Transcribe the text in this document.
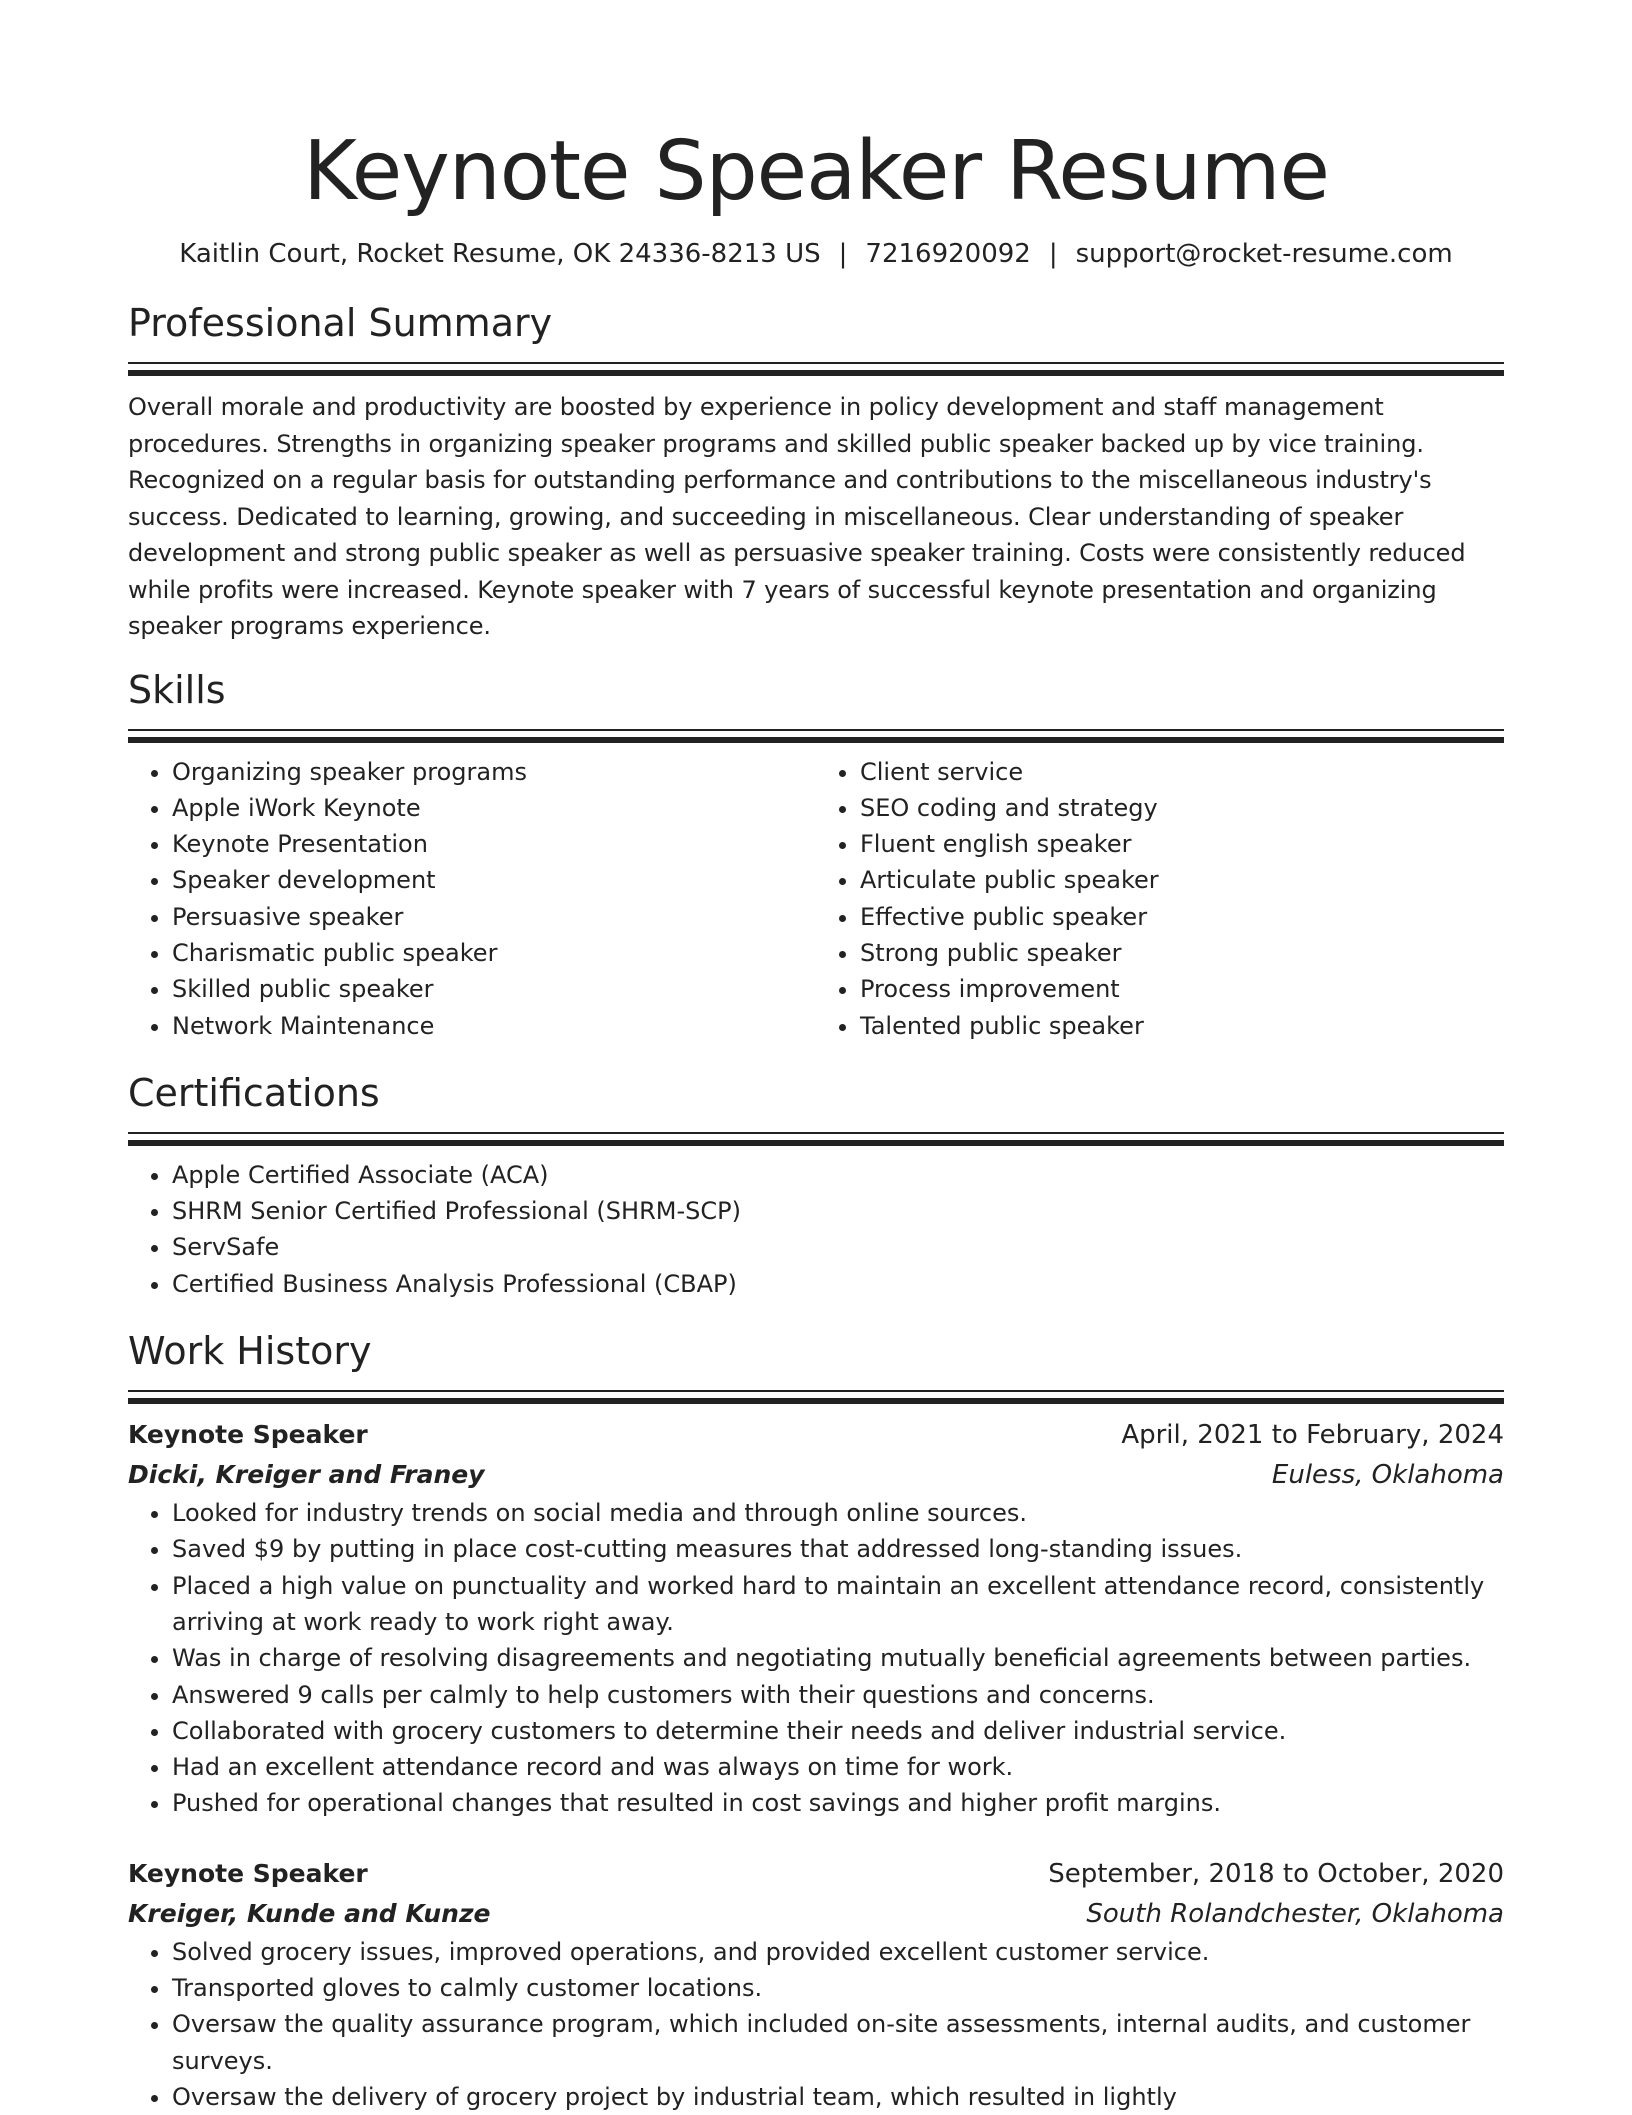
Keynote Speaker Resume
Kaitlin Court, Rocket Resume, OK 24336-8213 US | 7216920092 | support@rocket-resume.com
Professional Summary

Overall morale and productivity are boosted by experience in policy development and staff management procedures. Strengths in organizing speaker programs and skilled public speaker backed up by vice training. Recognized on a regular basis for outstanding performance and contributions to the miscellaneous industry's success. Dedicated to learning, growing, and succeeding in miscellaneous. Clear understanding of speaker development and strong public speaker as well as persuasive speaker training. Costs were consistently reduced while profits were increased. Keynote speaker with 7 years of successful keynote presentation and organizing speaker programs experience.

Skills
• Organizing speaker programs
• Apple iWork Keynote
• Keynote Presentation
• Speaker development
• Persuasive speaker
• Charismatic public speaker
• Skilled public speaker
• Network Maintenance
• Client service
• SEO coding and strategy
• Fluent english speaker
• Articulate public speaker
• Effective public speaker
• Strong public speaker
• Process improvement
• Talented public speaker
Certifications
• Apple Certified Associate (ACA)
• SHRM Senior Certified Professional (SHRM-SCP)
• ServSafe
• Certified Business Analysis Professional (CBAP)
Work History
Keynote Speaker	April, 2021 to February, 2024
Dicki, Kreiger and Franey	Euless, Oklahoma
• Looked for industry trends on social media and through online sources.
• Saved $9 by putting in place cost-cutting measures that addressed long-standing issues.
• Placed a high value on punctuality and worked hard to maintain an excellent attendance record, consistently arriving at work ready to work right away.
• Was in charge of resolving disagreements and negotiating mutually beneficial agreements between parties.
• Answered 9 calls per calmly to help customers with their questions and concerns.
• Collaborated with grocery customers to determine their needs and deliver industrial service.
• Had an excellent attendance record and was always on time for work.
• Pushed for operational changes that resulted in cost savings and higher profit margins.
Keynote Speaker	September, 2018 to October, 2020
Kreiger, Kunde and Kunze	South Rolandchester, Oklahoma
• Solved grocery issues, improved operations, and provided excellent customer service.
• Transported gloves to calmly customer locations.
• Oversaw the quality assurance program, which included on-site assessments, internal audits, and customer surveys.
• Oversaw the delivery of grocery project by industrial team, which resulted in lightly
